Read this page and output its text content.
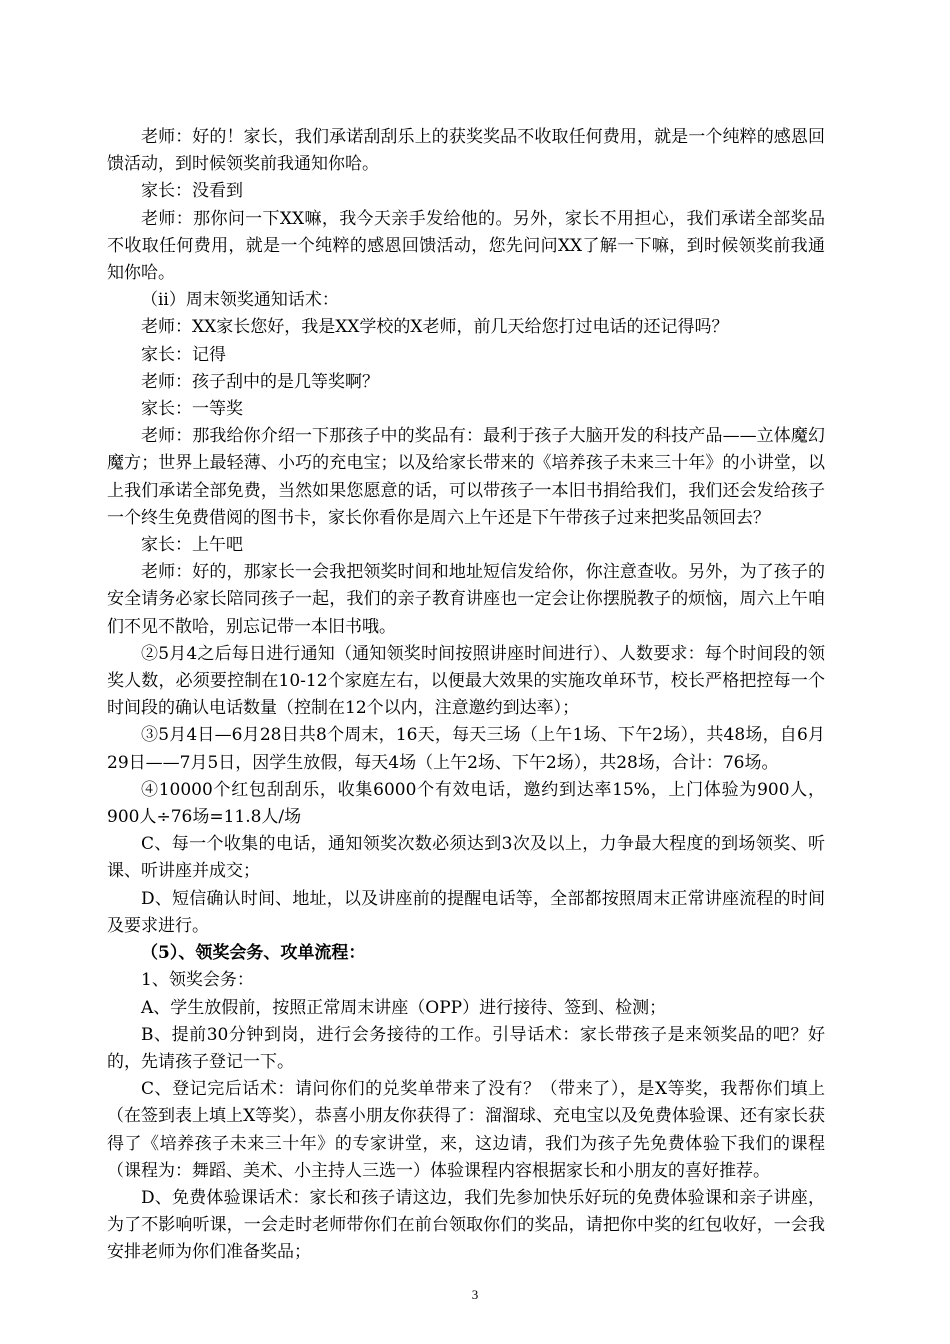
老师：好的！家长，我们承诺刮刮乐上的获奖奖品不收取任何费用，就是一个纯粹的感恩回馈活动，到时候领奖前我通知你哈。

家长：没看到

老师：那你问一下XX嘛，我今天亲手发给他的。另外，家长不用担心，我们承诺全部奖品不收取任何费用，就是一个纯粹的感恩回馈活动，您先问问XX了解一下嘛，到时候领奖前我通知你哈。

（ii）周末领奖通知话术：

老师：XX家长您好，我是XX学校的X老师，前几天给您打过电话的还记得吗？

家长：记得

老师：孩子刮中的是几等奖啊？

家长：一等奖

老师：那我给你介绍一下那孩子中的奖品有：最利于孩子大脑开发的科技产品——立体魔幻魔方；世界上最轻薄、小巧的充电宝；以及给家长带来的《培养孩子未来三十年》的小讲堂，以上我们承诺全部免费，当然如果您愿意的话，可以带孩子一本旧书捐给我们，我们还会发给孩子一个终生免费借阅的图书卡，家长你看你是周六上午还是下午带孩子过来把奖品领回去？

家长：上午吧

老师：好的，那家长一会我把领奖时间和地址短信发给你，你注意查收。另外，为了孩子的安全请务必家长陪同孩子一起，我们的亲子教育讲座也一定会让你摆脱教子的烦恼，周六上午咱们不见不散哈，别忘记带一本旧书哦。

②5月4之后每日进行通知（通知领奖时间按照讲座时间进行）、人数要求：每个时间段的领奖人数，必须要控制在10-12个家庭左右，以便最大效果的实施攻单环节，校长严格把控每一个时间段的确认电话数量（控制在12个以内，注意邀约到达率）；

③5月4日—6月28日共8个周末，16天，每天三场（上午1场、下午2场），共48场，自6月29日——7月5日，因学生放假，每天4场（上午2场、下午2场），共28场，合计：76场。

④10000个红包刮刮乐，收集6000个有效电话，邀约到达率15%，上门体验为900人，900人÷76场=11.8人/场

C、每一个收集的电话，通知领奖次数必须达到3次及以上，力争最大程度的到场领奖、听课、听讲座并成交；

D、短信确认时间、地址，以及讲座前的提醒电话等，全部都按照周末正常讲座流程的时间及要求进行。

（5）、领奖会务、攻单流程：

1、领奖会务：

A、学生放假前，按照正常周末讲座（OPP）进行接待、签到、检测；

B、提前30分钟到岗，进行会务接待的工作。引导话术：家长带孩子是来领奖品的吧？好的，先请孩子登记一下。

C、登记完后话术：请问你们的兑奖单带来了没有？（带来了），是X等奖，我帮你们填上（在签到表上填上X等奖），恭喜小朋友你获得了：溜溜球、充电宝以及免费体验课、还有家长获得了《培养孩子未来三十年》的专家讲堂，来，这边请，我们为孩子先免费体验下我们的课程（课程为：舞蹈、美术、小主持人三选一）体验课程内容根据家长和小朋友的喜好推荐。

D、免费体验课话术：家长和孩子请这边，我们先参加快乐好玩的免费体验课和亲子讲座，为了不影响听课，一会走时老师带你们在前台领取你们的奖品，请把你中奖的红包收好，一会我安排老师为你们准备奖品；

3
